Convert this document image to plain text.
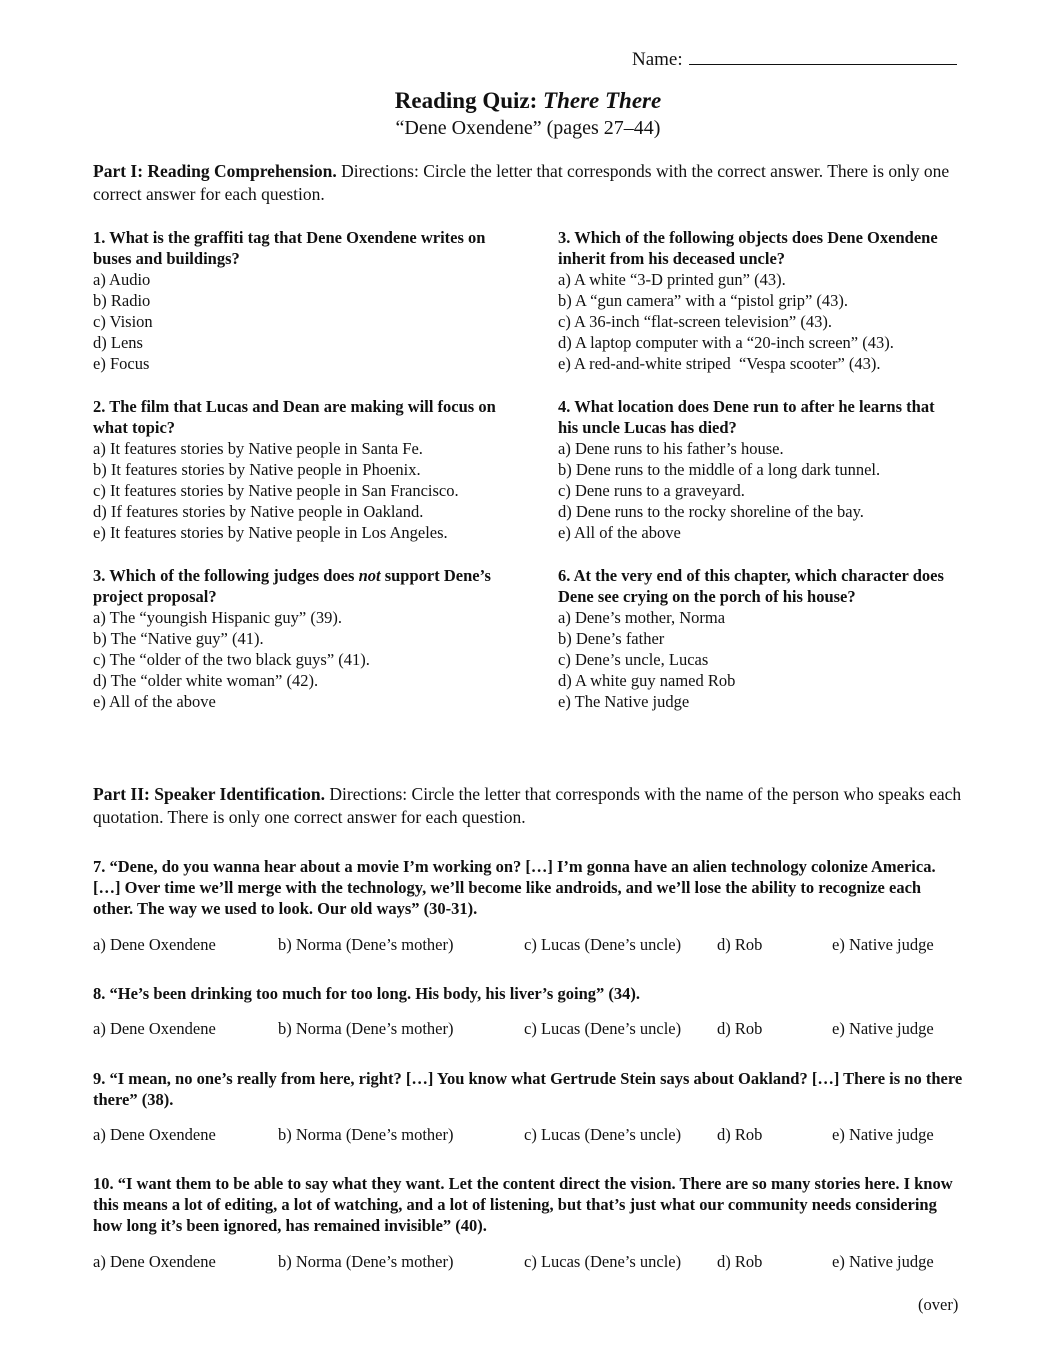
Name:
Reading Quiz: There There
“Dene Oxendene” (pages 27–44)
Part I: Reading Comprehension. Directions: Circle the letter that corresponds with the correct answer. There is only one correct answer for each question.
1. What is the graffiti tag that Dene Oxendene writes on buses and buildings?
a) Audio
b) Radio
c) Vision
d) Lens
e) Focus
3. Which of the following objects does Dene Oxendene inherit from his deceased uncle?
a) A white “3-D printed gun” (43).
b) A “gun camera” with a “pistol grip” (43).
c) A 36-inch “flat-screen television” (43).
d) A laptop computer with a “20-inch screen” (43).
e) A red-and-white striped  “Vespa scooter” (43).
2. The film that Lucas and Dean are making will focus on what topic?
a) It features stories by Native people in Santa Fe.
b) It features stories by Native people in Phoenix.
c) It features stories by Native people in San Francisco.
d) If features stories by Native people in Oakland.
e) It features stories by Native people in Los Angeles.
4. What location does Dene run to after he learns that his uncle Lucas has died?
a) Dene runs to his father’s house.
b) Dene runs to the middle of a long dark tunnel.
c) Dene runs to a graveyard.
d) Dene runs to the rocky shoreline of the bay.
e) All of the above
3. Which of the following judges does not support Dene’s project proposal?
a) The “youngish Hispanic guy” (39).
b) The “Native guy” (41).
c) The “older of the two black guys” (41).
d) The “older white woman” (42).
e) All of the above
6. At the very end of this chapter, which character does Dene see crying on the porch of his house?
a) Dene’s mother, Norma
b) Dene’s father
c) Dene’s uncle, Lucas
d) A white guy named Rob
e) The Native judge
Part II: Speaker Identification. Directions: Circle the letter that corresponds with the name of the person who speaks each quotation. There is only one correct answer for each question.
7. “Dene, do you wanna hear about a movie I’m working on? […] I’m gonna have an alien technology colonize America. […] Over time we’ll merge with the technology, we’ll become like androids, and we’ll lose the ability to recognize each other. The way we used to look. Our old ways” (30-31).
a) Dene Oxendene	b) Norma (Dene’s mother)	c) Lucas (Dene’s uncle) d) Rob	e) Native judge
8. “He’s been drinking too much for too long. His body, his liver’s going” (34).
a) Dene Oxendene	b) Norma (Dene’s mother)	c) Lucas (Dene’s uncle) d) Rob	e) Native judge
9. “I mean, no one’s really from here, right? […] You know what Gertrude Stein says about Oakland? […] There is no there there” (38).
a) Dene Oxendene	b) Norma (Dene’s mother)	c) Lucas (Dene’s uncle) d) Rob	e) Native judge
10. “I want them to be able to say what they want. Let the content direct the vision. There are so many stories here. I know this means a lot of editing, a lot of watching, and a lot of listening, but that’s just what our community needs considering how long it’s been ignored, has remained invisible” (40).
a) Dene Oxendene	b) Norma (Dene’s mother)	c) Lucas (Dene’s uncle) d) Rob	e) Native judge
(over)
